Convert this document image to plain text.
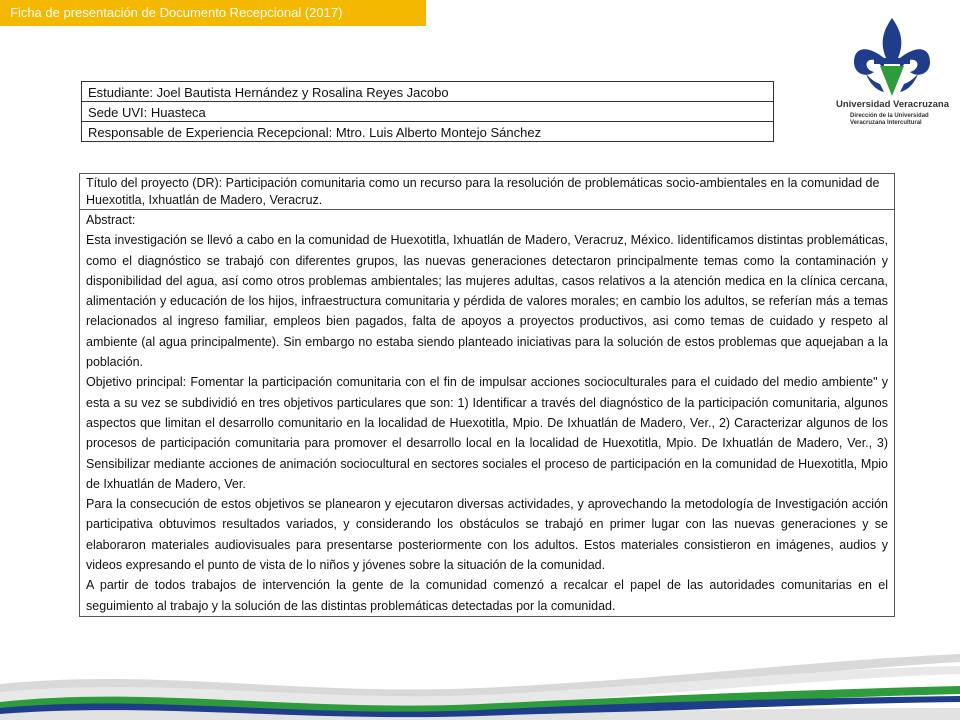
Ficha de presentación de Documento Recepcional (2017)
Universidad Veracruzana
Dirección de la Universidad
Veracruzana Intercultural
Estudiante: Joel Bautista Hernández y Rosalina Reyes Jacobo
Sede UVI: Huasteca
Responsable de Experiencia Recepcional: Mtro. Luis Alberto Montejo Sánchez
Título del proyecto (DR): Participación comunitaria como un recurso para la resolución de problemáticas socio-ambientales en la comunidad de Huexotitla, Ixhuatlán de Madero, Veracruz.

Abstract:

Esta investigación se llevó a cabo en la comunidad de Huexotitla, Ixhuatlán de Madero, Veracruz, México. Iidentificamos distintas problemáticas, como el diagnóstico se trabajó con diferentes grupos, las nuevas generaciones detectaron principalmente temas como la contaminación y disponibilidad del agua, así como otros problemas ambientales; las mujeres adultas, casos relativos a la atención medica en la clínica cercana, alimentación y educación de los hijos, infraestructura comunitaria y pérdida de valores morales; en cambio los adultos, se referían más a temas relacionados al ingreso familiar, empleos bien pagados, falta de apoyos a proyectos productivos, asi como temas de cuidado y respeto al ambiente (al agua principalmente). Sin embargo no estaba siendo planteado iniciativas para la solución de estos problemas que aquejaban a la población.

Objetivo principal: Fomentar la participación comunitaria con el fin de impulsar acciones socioculturales para el cuidado del medio ambiente" y esta a su vez se subdividió en tres objetivos particulares que son: 1) Identificar a través del diagnóstico de la participación comunitaria, algunos aspectos que limitan el desarrollo comunitario en la localidad de Huexotitla, Mpio. De Ixhuatlán de Madero, Ver., 2) Caracterizar algunos de los procesos de participación comunitaria para promover el desarrollo local en la localidad de Huexotitla, Mpio. De Ixhuatlán de Madero, Ver., 3) Sensibilizar mediante acciones de animación sociocultural en sectores sociales el proceso de participación en la comunidad de Huexotitla, Mpio de Ixhuatlán de Madero, Ver.

Para la consecución de estos objetivos se planearon y ejecutaron diversas actividades, y aprovechando la metodología de Investigación acción participativa obtuvimos resultados variados, y considerando los obstáculos se trabajó en primer lugar con las nuevas generaciones y se elaboraron materiales audiovisuales para presentarse posteriormente con los adultos. Estos materiales consistieron en imágenes, audios y videos expresando el punto de vista de lo niños y jóvenes sobre la situación de la comunidad.

A partir de todos trabajos de intervención la gente de la comunidad comenzó a recalcar el papel de las autoridades comunitarias en el seguimiento al trabajo y la solución de las distintas problemáticas detectadas por la comunidad.
